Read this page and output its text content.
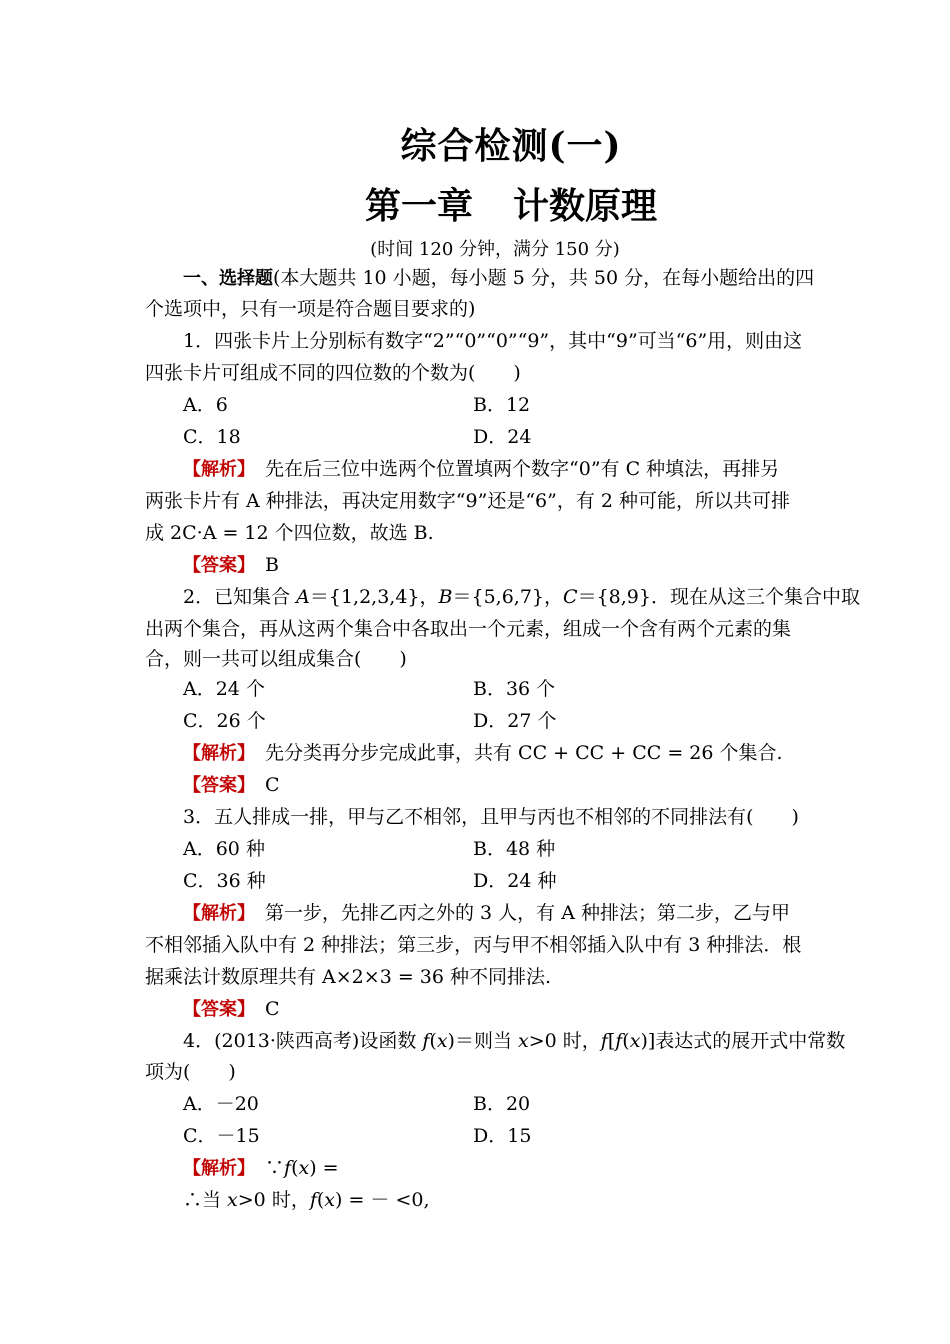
综合检测(一)
第一章 计数原理
(时间 120 分钟，满分 150 分)
一、选择题(本大题共 10 小题，每小题 5 分，共 50 分，在每小题给出的四
个选项中，只有一项是符合题目要求的)
1．四张卡片上分别标有数字“2”“0”“0”“9”，其中“9”可当“6”用，则由这
四张卡片可组成不同的四位数的个数为(　　)
A．6	B．12
C．18	D．24
【解析】　 先在后三位中选两个位置填两个数字“0”有 C 种填法，再排另
两张卡片有 A 种排法，再决定用数字“9”还是“6”，有 2 种可能，所以共可排
成 2C·A = 12 个四位数，故选 B.
【答案】　 B
2．已知集合 A＝{1,2,3,4}，B＝{5,6,7}，C＝{8,9}．现在从这三个集合中取
出两个集合，再从这两个集合中各取出一个元素，组成一个含有两个元素的集
合，则一共可以组成集合(　　)
A．24 个	B．36 个
C．26 个	D．27 个
【解析】　 先分类再分步完成此事，共有 CC + CC + CC = 26 个集合.
【答案】　 C
3．五人排成一排，甲与乙不相邻，且甲与丙也不相邻的不同排法有(　　)
A．60 种	B．48 种
C．36 种	D．24 种
【解析】　 第一步，先排乙丙之外的 3 人，有 A 种排法；第二步，乙与甲
不相邻插入队中有 2 种排法；第三步，丙与甲不相邻插入队中有 3 种排法．根
据乘法计数原理共有 A×2×3 = 36 种不同排法.
【答案】　 C
4．(2013·陕西高考)设函数 f(x)＝则当 x>0 时，f[f(x)]表达式的展开式中常数
项为(　　)
A．－20	B．20
C．－15	D．15
【解析】　 ∵f(x) =
∴当 x>0 时，f(x) = － <0,
